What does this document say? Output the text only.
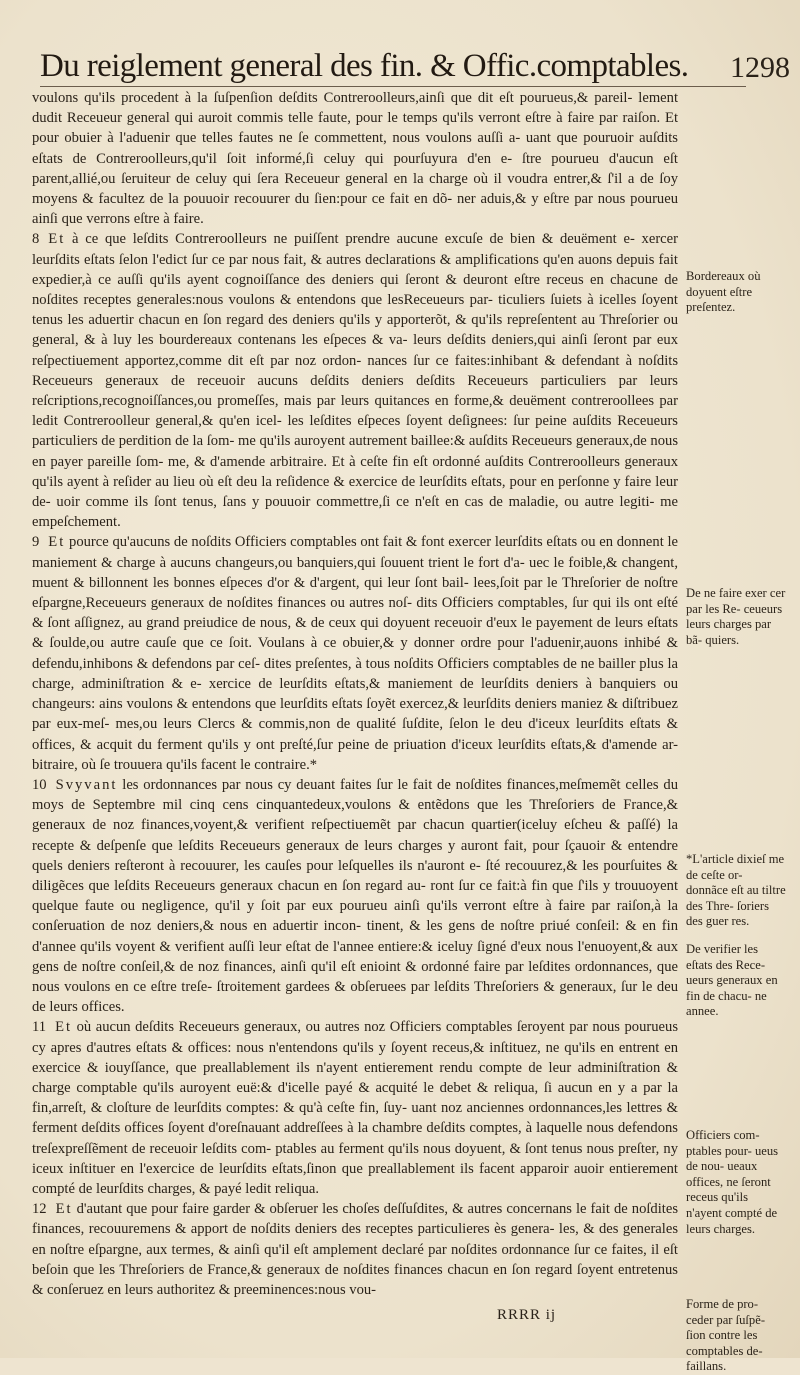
Du reiglement general des fin. & Offic.comptables. 1298

voulons qu'ils procedent à la ſuſpenſion deſdits Contreroolleurs,ainſi que dit eſt pourueus,& pareil- lement dudit Receueur general qui auroit commis telle faute, pour le temps qu'ils verront eſtre à faire par raiſon. Et pour obuier à l'aduenir que telles fautes ne ſe commettent, nous voulons auſſi a- uant que pouruoir auſdits eſtats de Contreroolleurs,qu'il ſoit informé,ſi celuy qui pourſuyura d'en e- ſtre pourueu d'aucun eſt parent,allié,ou ſeruiteur de celuy qui ſera Receueur general en la charge où il voudra entrer,& ſ'il a de ſoy moyens & facultez de la pouuoir recouurer du ſien:pour ce fait en dõ- ner aduis,& y eſtre par nous pourueu ainſi que verrons eſtre à faire.

8 Et à ce que leſdits Contreroolleurs ne puiſſent prendre aucune excuſe de bien & deuëment e- xercer leurſdits eſtats ſelon l'edict ſur ce par nous fait, & autres declarations & amplifications qu'en auons depuis fait expedier,à ce auſſi qu'ils ayent cognoiſſance des deniers qui ſeront & deuront eſtre receus en chacune de noſdites receptes generales:nous voulons & entendons que lesReceueurs par- ticuliers ſuiets à icelles ſoyent tenus les aduertir chacun en ſon regard des deniers qu'ils y apporterõt, & qu'ils repreſentent au Threſorier ou general, & à luy les bourdereaux contenans les eſpeces & va- leurs deſdits deniers,qui ainſi ſeront par eux reſpectiuement apportez,comme dit eſt par noz ordon- nances ſur ce faites:inhibant & defendant à noſdits Receueurs generaux de receuoir aucuns deſdits deniers deſdits Receueurs particuliers par leurs reſcriptions,recognoiſſances,ou promeſſes, mais par leurs quitances en forme,& deuëment contreroollees par ledit Contreroolleur general,& qu'en icel- les leſdites eſpeces ſoyent deſignees: ſur peine auſdits Receueurs particuliers de perdition de la ſom- me qu'ils auroyent autrement baillee:& auſdits Receueurs generaux,de nous en payer pareille ſom- me, & d'amende arbitraire. Et à ceſte fin eſt ordonné auſdits Contreroolleurs generaux qu'ils ayent à reſider au lieu où eſt deu la reſidence & exercice de leurſdits eſtats, pour en perſonne y faire leur de- uoir comme ils ſont tenus, ſans y pouuoir commettre,ſi ce n'eſt en cas de maladie, ou autre legiti- me empeſchement.

9 Et pource qu'aucuns de noſdits Officiers comptables ont fait & font exercer leurſdits eſtats ou en donnent le maniement & charge à aucuns changeurs,ou banquiers,qui ſouuent trient le fort d'a- uec le foible,& changent, muent & billonnent les bonnes eſpeces d'or & d'argent, qui leur ſont bail- lees,ſoit par le Threſorier de noſtre eſpargne,Receueurs generaux de noſdites finances ou autres noſ- dits Officiers comptables, ſur qui ils ont eſté & ſont aſſignez, au grand preiudice de nous, & de ceux qui doyuent receuoir d'eux le payement de leurs eſtats & ſoulde,ou autre cauſe que ce ſoit. Voulans à ce obuier,& y donner ordre pour l'aduenir,auons inhibé & defendu,inhibons & defendons par ceſ- dites preſentes, à tous noſdits Officiers comptables de ne bailler plus la charge, adminiſtration & e- xercice de leurſdits eſtats,& maniement de leurſdits deniers à banquiers ou changeurs: ains voulons & entendons que leurſdits eſtats ſoyẽt exercez,& leurſdits deniers maniez & diſtribuez par eux-meſ- mes,ou leurs Clercs & commis,non de qualité ſuſdite, ſelon le deu d'iceux leurſdits eſtats & offices, & acquit du ferment qu'ils y ont preſté,ſur peine de priuation d'iceux leurſdits eſtats,& d'amende ar- bitraire, où ſe trouuera qu'ils facent le contraire.*

10 Svyvant les ordonnances par nous cy deuant faites ſur le fait de noſdites finances,meſmemẽt celles du moys de Septembre mil cinq cens cinquantedeux,voulons & entẽdons que les Threſoriers de France,& generaux de noz finances,voyent,& verifient reſpectiuemẽt par chacun quartier(iceluy eſcheu & paſſé) la recepte & deſpenſe que leſdits Receueurs generaux de leurs charges y auront fait, pour ſçauoir & entendre quels deniers reſteront à recouurer, les cauſes pour leſquelles ils n'auront e- ſté recouurez,& les pourſuites & diligẽces que leſdits Receueurs generaux chacun en ſon regard au- ront ſur ce fait:à fin que ſ'ils y trouuoyent quelque faute ou negligence, qu'il y ſoit par eux pourueu ainſi qu'ils verront eſtre à faire par raiſon,à la conſeruation de noz deniers,& nous en aduertir incon- tinent, & les gens de noſtre priué conſeil: & en fin d'annee qu'ils voyent & verifient auſſi leur eſtat de l'annee entiere:& iceluy ſigné d'eux nous l'enuoyent,& aux gens de noſtre conſeil,& de noz finances, ainſi qu'il eſt enioint & ordonné faire par leſdites ordonnances, que nous voulons en ce eſtre treſe- ſtroitement gardees & obſeruees par leſdits Threſoriers & generaux, ſur le deu de leurs offices.

11 Et où aucun deſdits Receueurs generaux, ou autres noz Officiers comptables ſeroyent par nous pourueus cy apres d'autres eſtats & offices: nous n'entendons qu'ils y ſoyent receus,& inſtituez, ne qu'ils en entrent en exercice & iouyſſance, que preallablement ils n'ayent entierement rendu compte de leur adminiſtration & charge comptable qu'ils auroyent euë:& d'icelle payé & acquité le debet & reliqua, ſi aucun en y a par la fin,arreſt, & cloſture de leurſdits comptes: & qu'à ceſte fin, ſuy- uant noz anciennes ordonnances,les lettres & ferment deſdits offices ſoyent d'oreſnauant addreſſees à la chambre deſdits comptes, à laquelle nous defendons treſexpreſſẽment de receuoir leſdits com- ptables au ferment qu'ils nous doyuent, & ſont tenus nous preſter, ny iceux inſtituer en l'exercice de leurſdits eſtats,ſinon que preallablement ils facent apparoir auoir entierement compté de leurſdits charges, & payé ledit reliqua.

12 Et d'autant que pour faire garder & obſeruer les choſes deſſuſdites, & autres concernans le fait de noſdites finances, recouuremens & apport de noſdits deniers des receptes particulieres ès genera- les, & des generales en noſtre eſpargne, aux termes, & ainſi qu'il eſt amplement declaré par noſdites ordonnance ſur ce faites, il eſt beſoin que les Threſoriers de France,& generaux de noſdites finances chacun en ſon regard ſoyent entretenus & conſeruez en leurs authoritez & preeminences:nous vou-

RRRR ij
Bordereaux où doyuent eſtre preſentez.
De ne faire exer cer par les Re- ceueurs leurs charges par bã- quiers.
*L'article dixieſ me de ceſte or- donnãce eſt au tiltre des Thre- ſoriers des guer res.
De verifier les eſtats des Rece- ueurs generaux en fin de chacu- ne annee.
Officiers com- ptables pour- ueus de nou- ueaux offices, ne ſeront receus qu'ils n'ayent compté de leurs charges.
Forme de pro- ceder par ſuſpẽ- ſion contre les comptables de- faillans.
